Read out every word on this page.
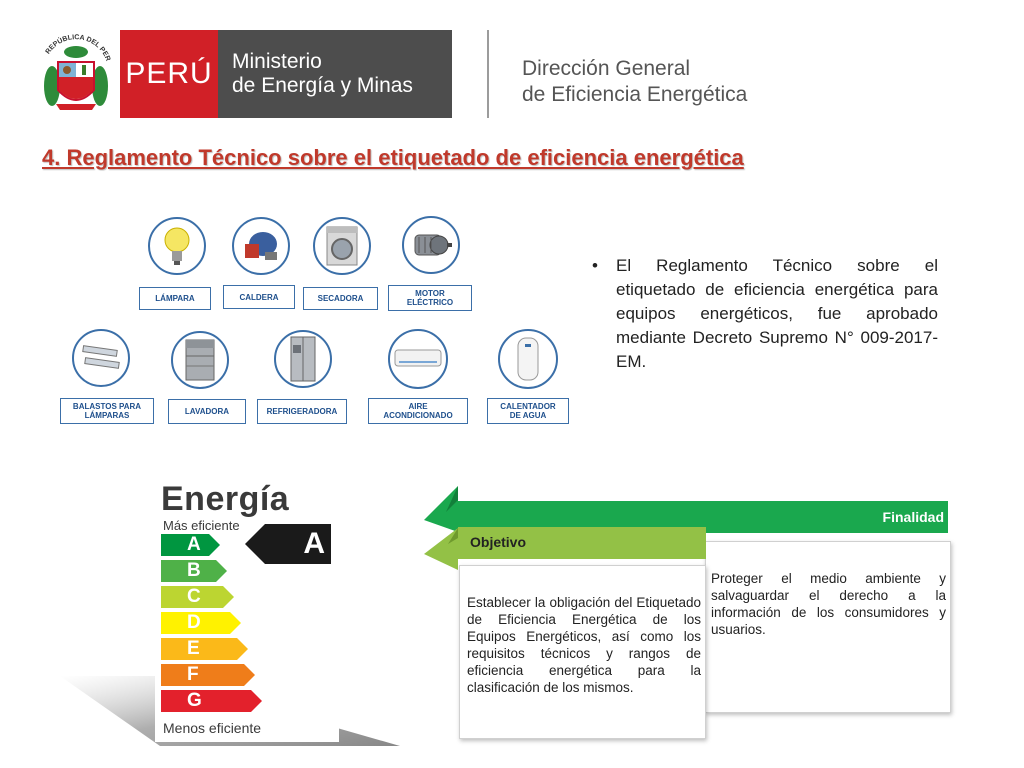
REPÚBLICA DEL PER PERÚ Ministerio
de Energía y Minas
Dirección General
de Eficiencia Energética
4. Reglamento Técnico sobre el etiquetado de eficiencia energética
LÁMPARA	CALDERA	SECADORA
MOTOR
ELÉCTRICO
BALASTOS PARA
LÁMPARAS	LAVADORA	REFRIGERADORA
AIRE
ACONDICIONADO
CALENTADOR
DE AGUA
• El Reglamento Técnico sobre el etiquetado de eficiencia energética para equipos energéticos, fue aprobado mediante Decreto Supremo N° 009-2017-EM.
Energía
Más eficiente
A
A
B
C
D
E
F
G
Menos eficiente
Finalidad
Proteger el medio ambiente y salvaguardar el derecho a la información de los consumidores y usuarios.
Objetivo
Establecer la obligación del Etiquetado de Eficiencia Energética de los Equipos Energéticos, así como los requisitos técnicos y rangos de eficiencia energética para la clasificación de los mismos.
